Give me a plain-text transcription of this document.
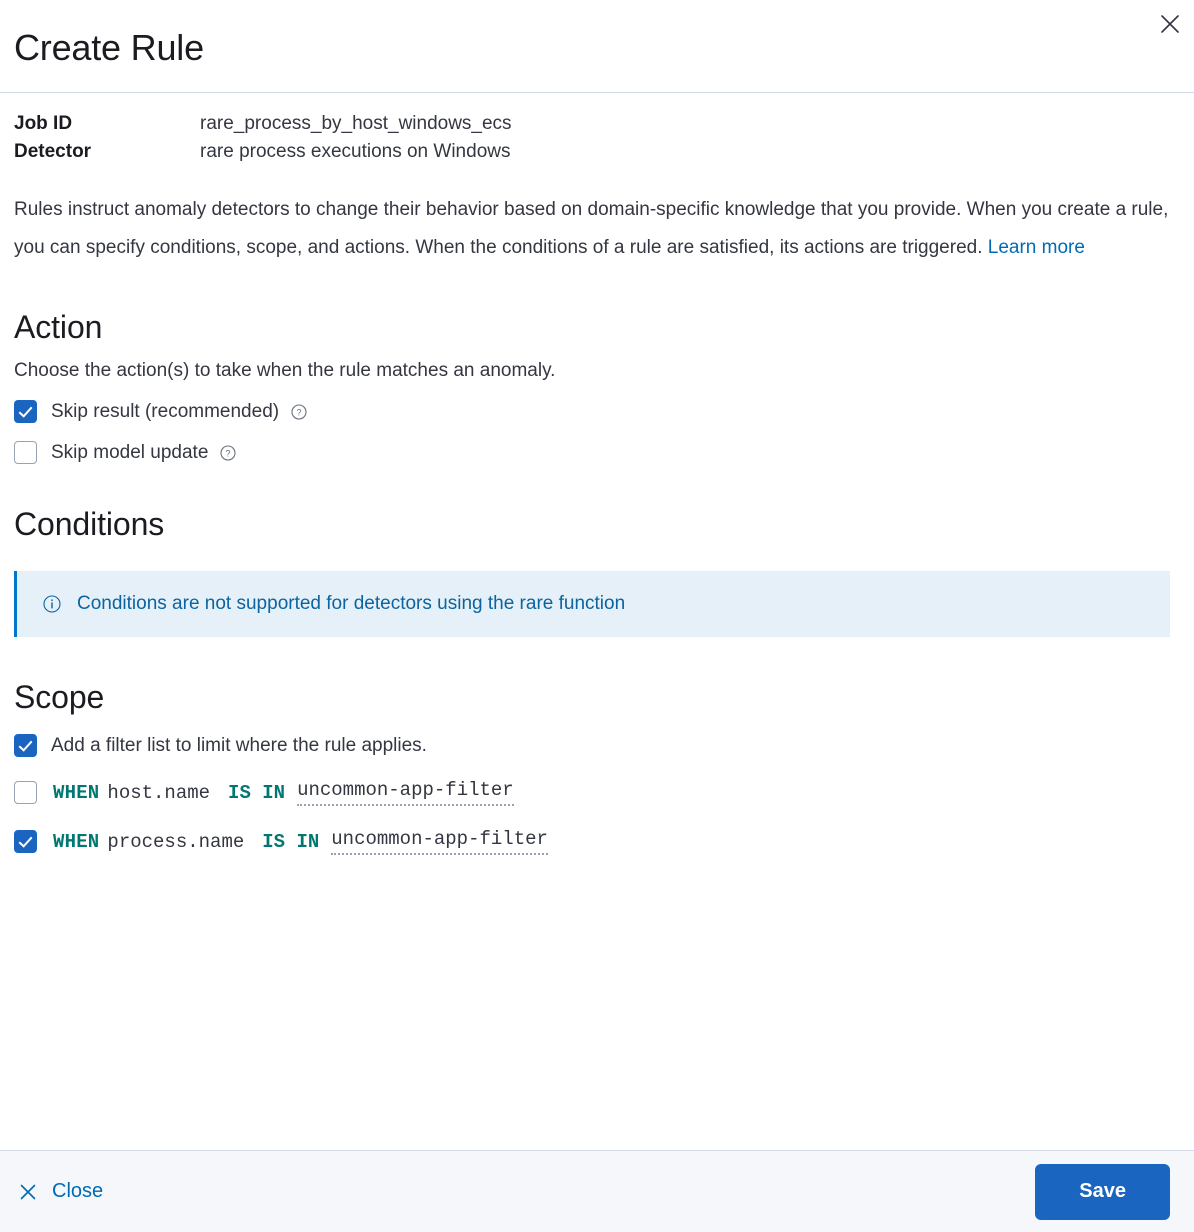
Create Rule
Job ID	rare_process_by_host_windows_ecs
Detector	rare process executions on Windows

Rules instruct anomaly detectors to change their behavior based on domain-specific knowledge that you provide. When you create a rule, you can specify conditions, scope, and actions. When the conditions of a rule are satisfied, its actions are triggered. Learn more

Action

Choose the action(s) to take when the rule matches an anomaly.

Skip result (recommended) ?
Skip model update ?
Conditions
Conditions are not supported for detectors using the rare function
Scope
Add a filter list to limit where the rule applies.
WHEN host.name IS IN uncommon-app-filter
WHEN process.name IS IN uncommon-app-filter
Close	Save
